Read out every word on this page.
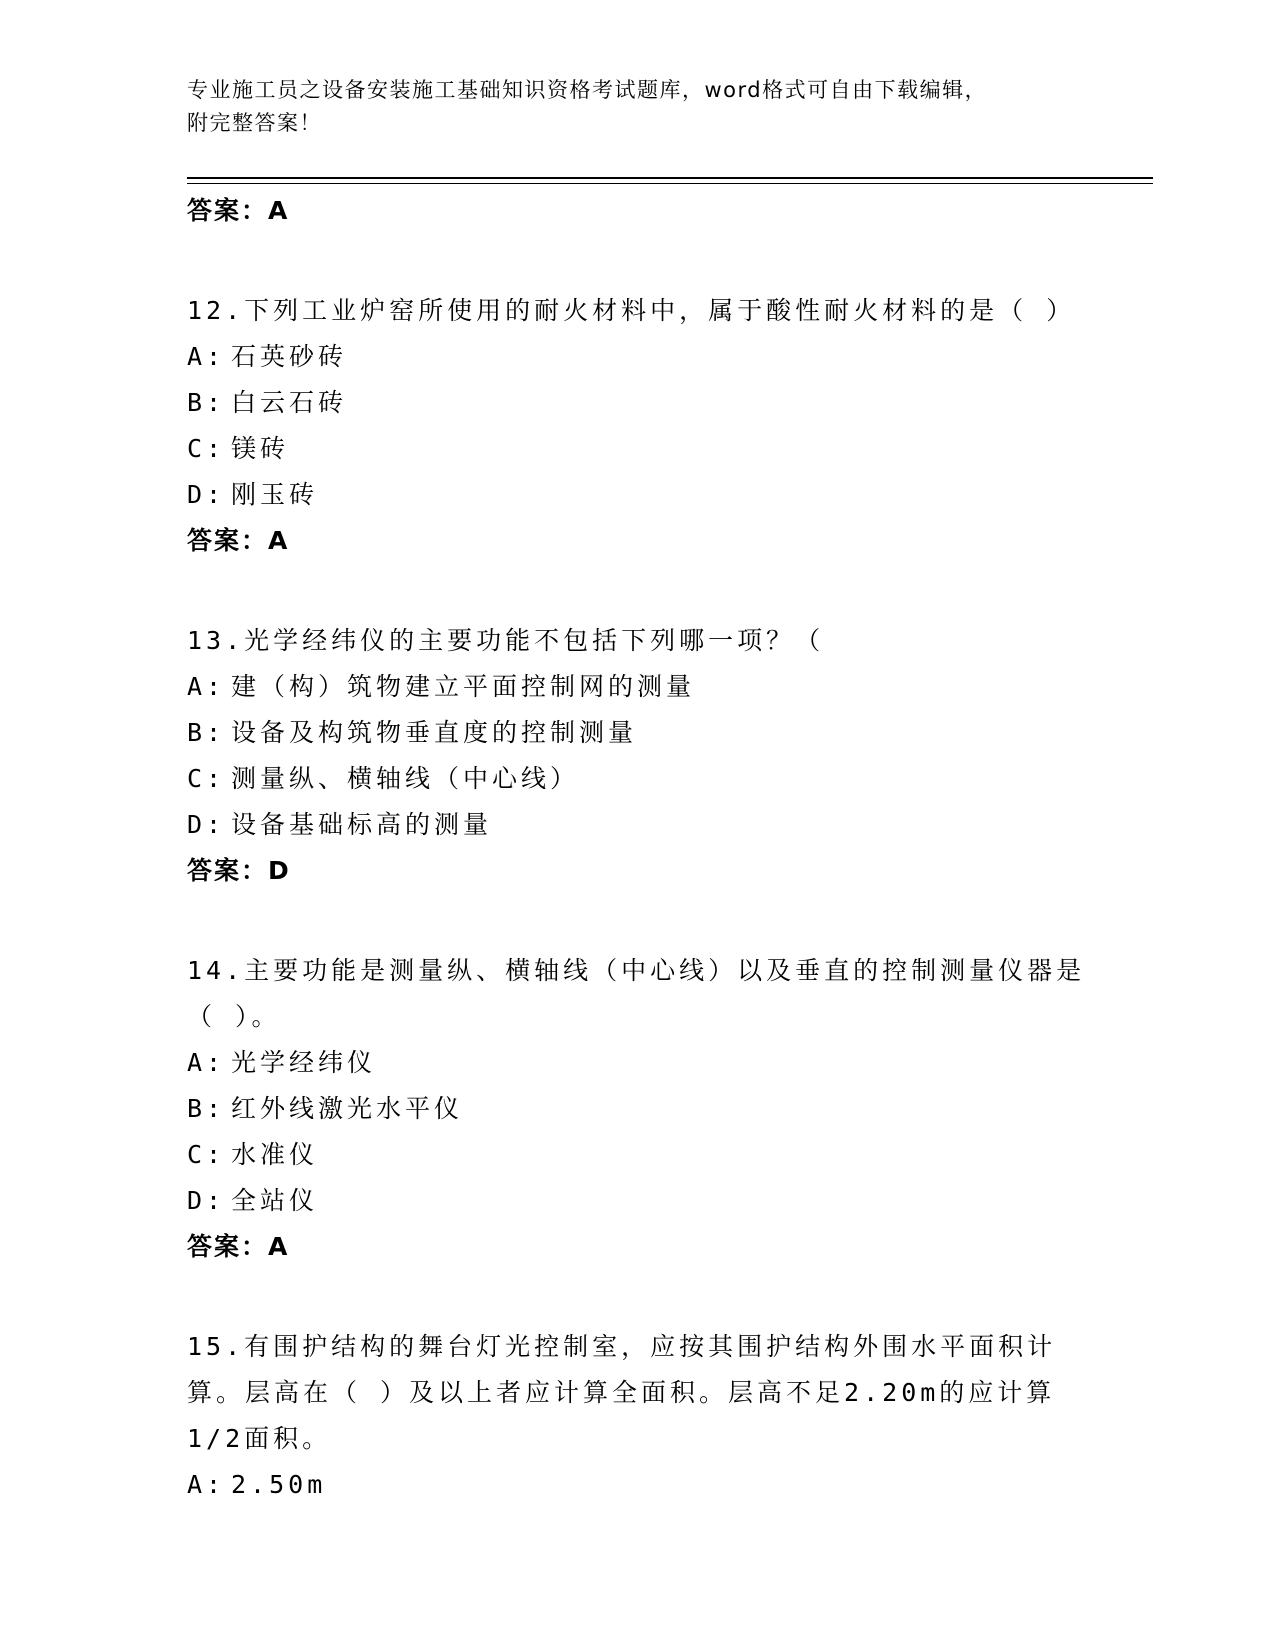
专业施工员之设备安装施工基础知识资格考试题库，word格式可自由下载编辑，
附完整答案！
答案：A

12.下列工业炉窑所使用的耐火材料中，属于酸性耐火材料的是（ ）

A: 石英砂砖
B: 白云石砖
C: 镁砖
D: 刚玉砖
答案：A

13.光学经纬仪的主要功能不包括下列哪一项？（

A: 建（构）筑物建立平面控制网的测量
B: 设备及构筑物垂直度的控制测量
C: 测量纵、横轴线（中心线）
D: 设备基础标高的测量
答案：D

14.主要功能是测量纵、横轴线（中心线）以及垂直的控制测量仪器是（ ）。

A: 光学经纬仪
B: 红外线激光水平仪
C: 水准仪
D: 全站仪
答案：A

15.有围护结构的舞台灯光控制室，应按其围护结构外围水平面积计算。层高在（ ）及以上者应计算全面积。层高不足2.20m的应计算1/2面积。

A: 2.50m
